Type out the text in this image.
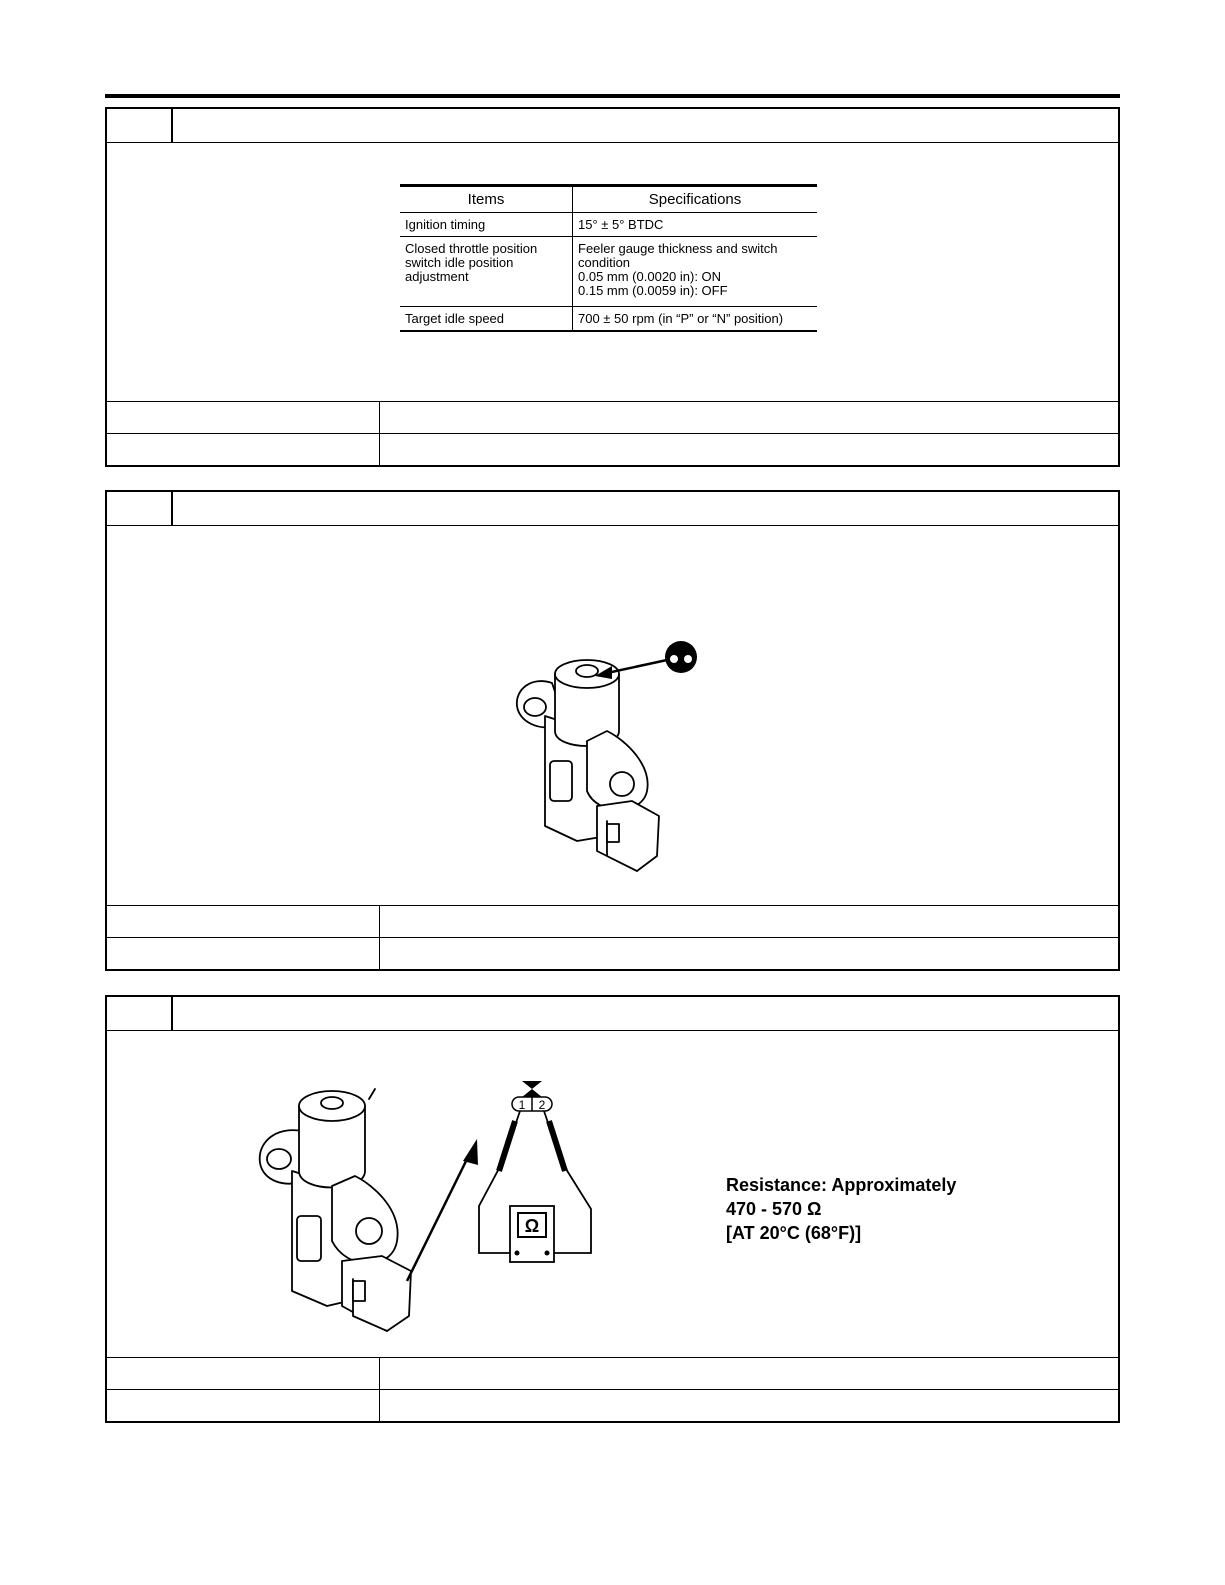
Items	Specifications
Ignition timing	15° ± 5° BTDC
Closed throttle position switch idle position adjustment	Feeler gauge thickness and switch condition
0.05 mm (0.0020 in): ON
0.15 mm (0.0059 in): OFF

Target idle speed	700 ± 50 rpm (in “P” or “N” position)
1 2
Ω
Resistance: Approximately
470 - 570 Ω
[AT 20°C (68°F)]
